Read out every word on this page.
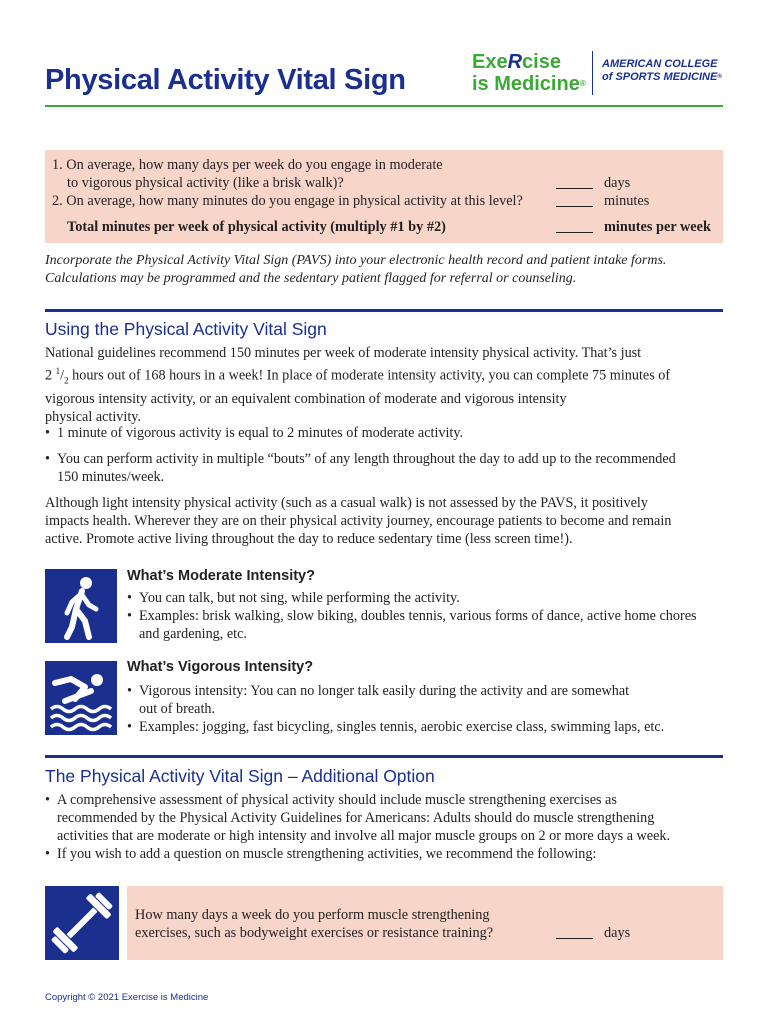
Physical Activity Vital Sign
ExeRcise
is Medicine®
AMERICAN COLLEGE
of SPORTS MEDICINE®
1. On average, how many days per week do you engage in moderate
to vigorous physical activity (like a brisk walk)?	days
2. On average, how many minutes do you engage in physical activity at this level?	minutes
Total minutes per week of physical activity (multiply #1 by #2)	minutes per week
Incorporate the Physical Activity Vital Sign (PAVS) into your electronic health record and patient intake forms.
Calculations may be programmed and the sedentary patient flagged for referral or counseling.
Using the Physical Activity Vital Sign
National guidelines recommend 150 minutes per week of moderate intensity physical activity. That’s just
2 $^1/_2$ hours out of 168 hours in a week! In place of moderate intensity activity, you can complete 75 minutes of
vigorous intensity activity, or an equivalent combination of moderate and vigorous intensity
physical activity.
• 1 minute of vigorous activity is equal to 2 minutes of moderate activity.
• You can perform activity in multiple “bouts” of any length throughout the day to add up to the recommended
150 minutes/week.
Although light intensity physical activity (such as a casual walk) is not assessed by the PAVS, it positively
impacts health. Wherever they are on their physical activity journey, encourage patients to become and remain
active. Promote active living throughout the day to reduce sedentary time (less screen time!).
What’s Moderate Intensity?
• You can talk, but not sing, while performing the activity.
• Examples: brisk walking, slow biking, doubles tennis, various forms of dance, active home chores
and gardening, etc.
What’s Vigorous Intensity?
• Vigorous intensity: You can no longer talk easily during the activity and are somewhat
out of breath.
• Examples: jogging, fast bicycling, singles tennis, aerobic exercise class, swimming laps, etc.
The Physical Activity Vital Sign – Additional Option
• A comprehensive assessment of physical activity should include muscle strengthening exercises as
recommended by the Physical Activity Guidelines for Americans: Adults should do muscle strengthening
activities that are moderate or high intensity and involve all major muscle groups on 2 or more days a week.
• If you wish to add a question on muscle strengthening activities, we recommend the following:
How many days a week do you perform muscle strengthening
exercises, such as bodyweight exercises or resistance training?	days
Copyright © 2021 Exercise is Medicine
